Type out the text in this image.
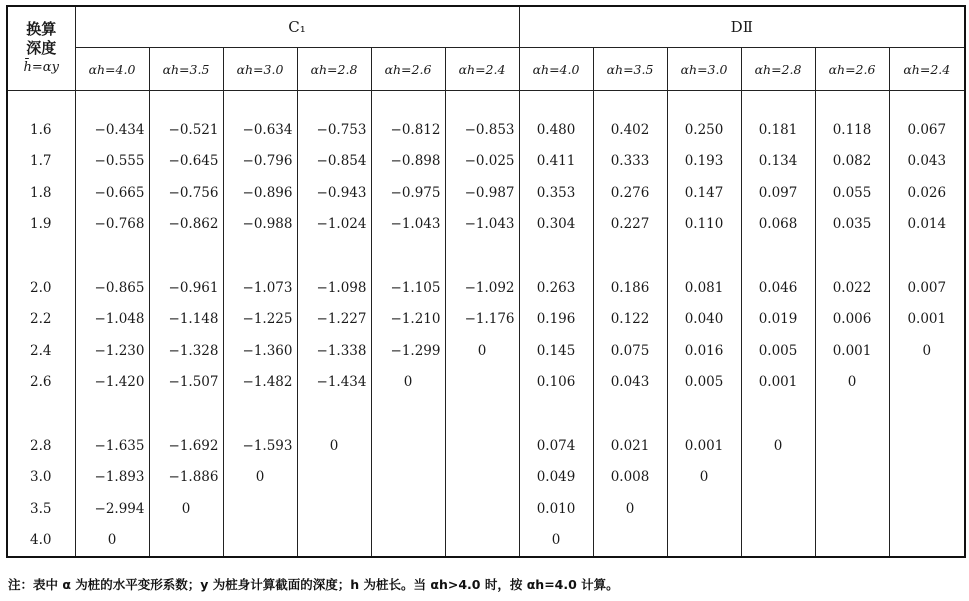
换算
深度
h̄=αy	C₁						DⅡ					
	αh=4.0	αh=3.5	αh=3.0	αh=2.8	αh=2.6	αh=2.4	αh=4.0	αh=3.5	αh=3.0	αh=2.8	αh=2.6	αh=2.4

1.6	−0.434	−0.521	−0.634	−0.753	−0.812	−0.853	0.480	0.402	0.250	0.181	0.118	0.067
1.7	−0.555	−0.645	−0.796	−0.854	−0.898	−0.025	0.411	0.333	0.193	0.134	0.082	0.043
1.8	−0.665	−0.756	−0.896	−0.943	−0.975	−0.987	0.353	0.276	0.147	0.097	0.055	0.026
1.9	−0.768	−0.862	−0.988	−1.024	−1.043	−1.043	0.304	0.227	0.110	0.068	0.035	0.014

2.0	−0.865	−0.961	−1.073	−1.098	−1.105	−1.092	0.263	0.186	0.081	0.046	0.022	0.007
2.2	−1.048	−1.148	−1.225	−1.227	−1.210	−1.176	0.196	0.122	0.040	0.019	0.006	0.001
2.4	−1.230	−1.328	−1.360	−1.338	−1.299	0	0.145	0.075	0.016	0.005	0.001	0
2.6	−1.420	−1.507	−1.482	−1.434	0		0.106	0.043	0.005	0.001	0	

2.8	−1.635	−1.692	−1.593	0			0.074	0.021	0.001	0		
3.0	−1.893	−1.886	0				0.049	0.008	0			
3.5	−2.994	0					0.010	0				
4.0	0						0					
注：表中 α 为桩的水平变形系数；y 为桩身计算截面的深度；h 为桩长。当 αh>4.0 时，按 αh=4.0 计算。
